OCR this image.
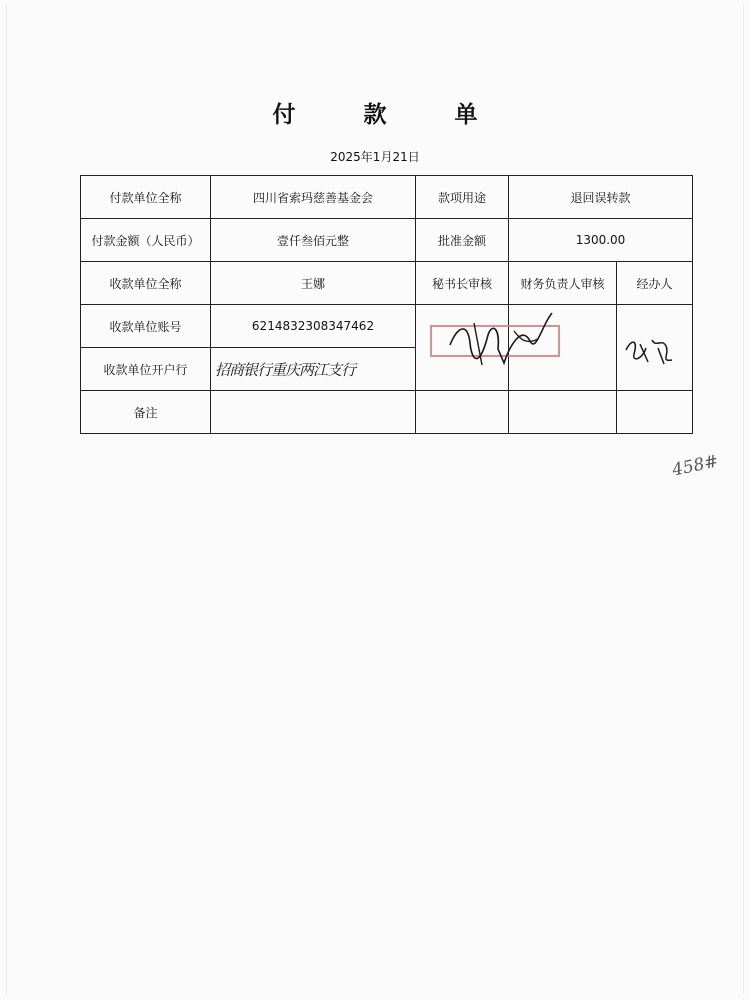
付 款 单
2025年1月21日
付款单位全称	四川省索玛慈善基金会	款项用途	退回误转款	
付款金额（人民币）	壹仟叁佰元整	批准金额	1300.00	
收款单位全称	王娜	秘书长审核	财务负责人审核	经办人
收款单位账号	6214832308347462			
收款单位开户行	招商银行重庆两江支行			
备注				
458#
